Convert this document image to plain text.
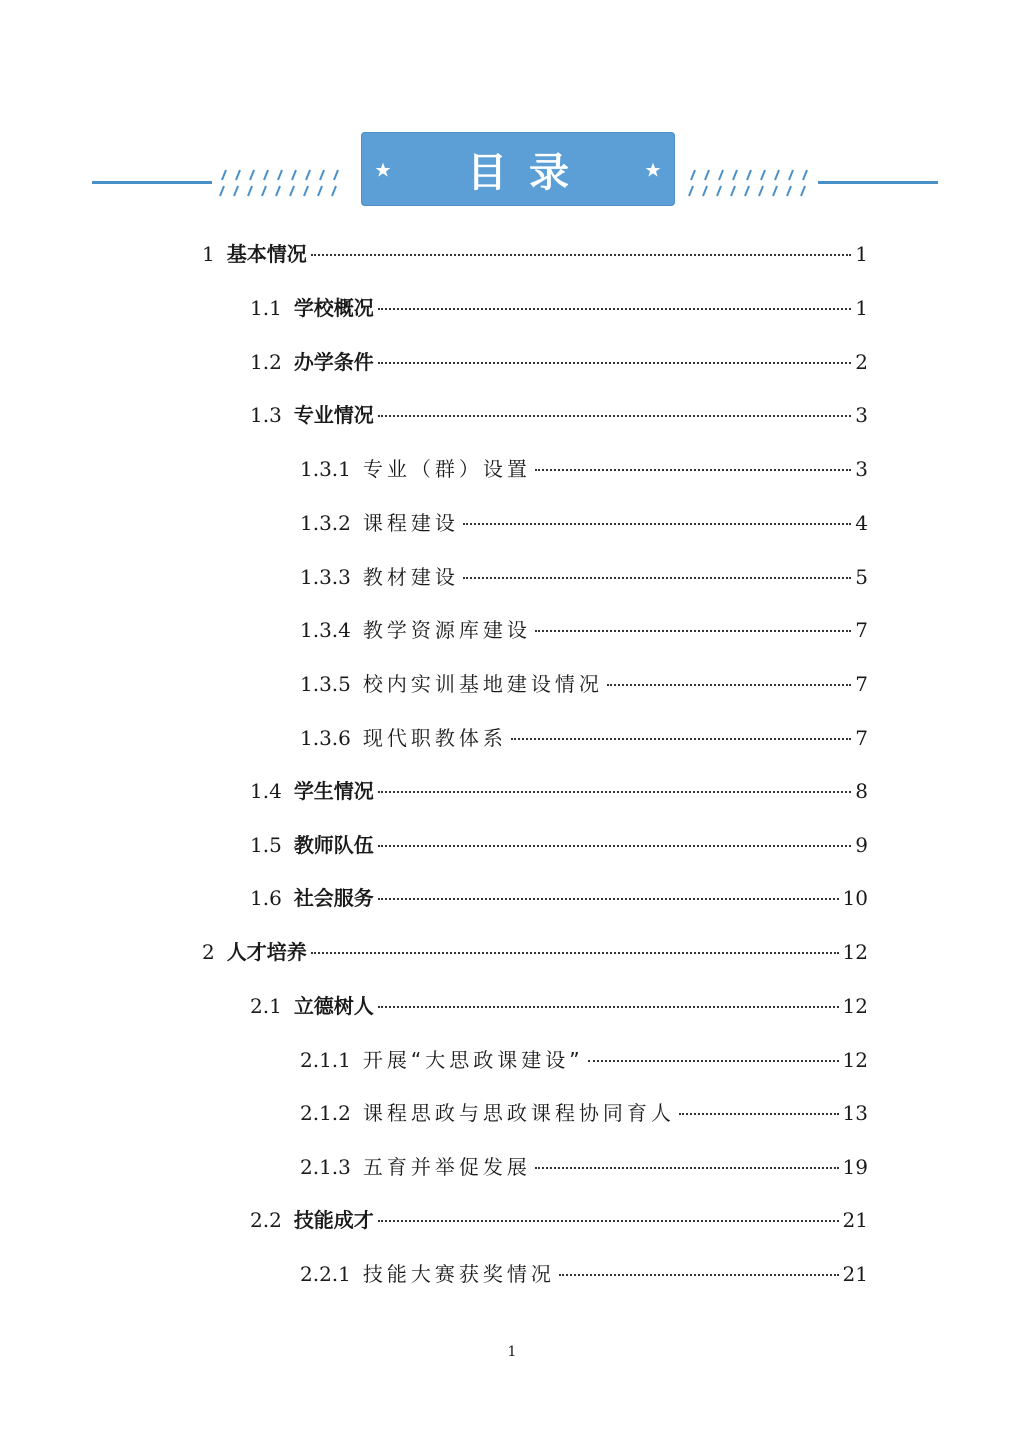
目录
1 基本情况	1
1.1 学校概况	1
1.2 办学条件	2
1.3 专业情况	3
1.3.1 专业（群）设置	3
1.3.2 课程建设	4
1.3.3 教材建设	5
1.3.4 教学资源库建设	7
1.3.5 校内实训基地建设情况	7
1.3.6 现代职教体系	7
1.4 学生情况	8
1.5 教师队伍	9
1.6 社会服务	10
2 人才培养	12
2.1 立德树人	12
2.1.1 开展“大思政课建设”	12
2.1.2 课程思政与思政课程协同育人	13
2.1.3 五育并举促发展	19
2.2 技能成才	21
2.2.1 技能大赛获奖情况	21
1
